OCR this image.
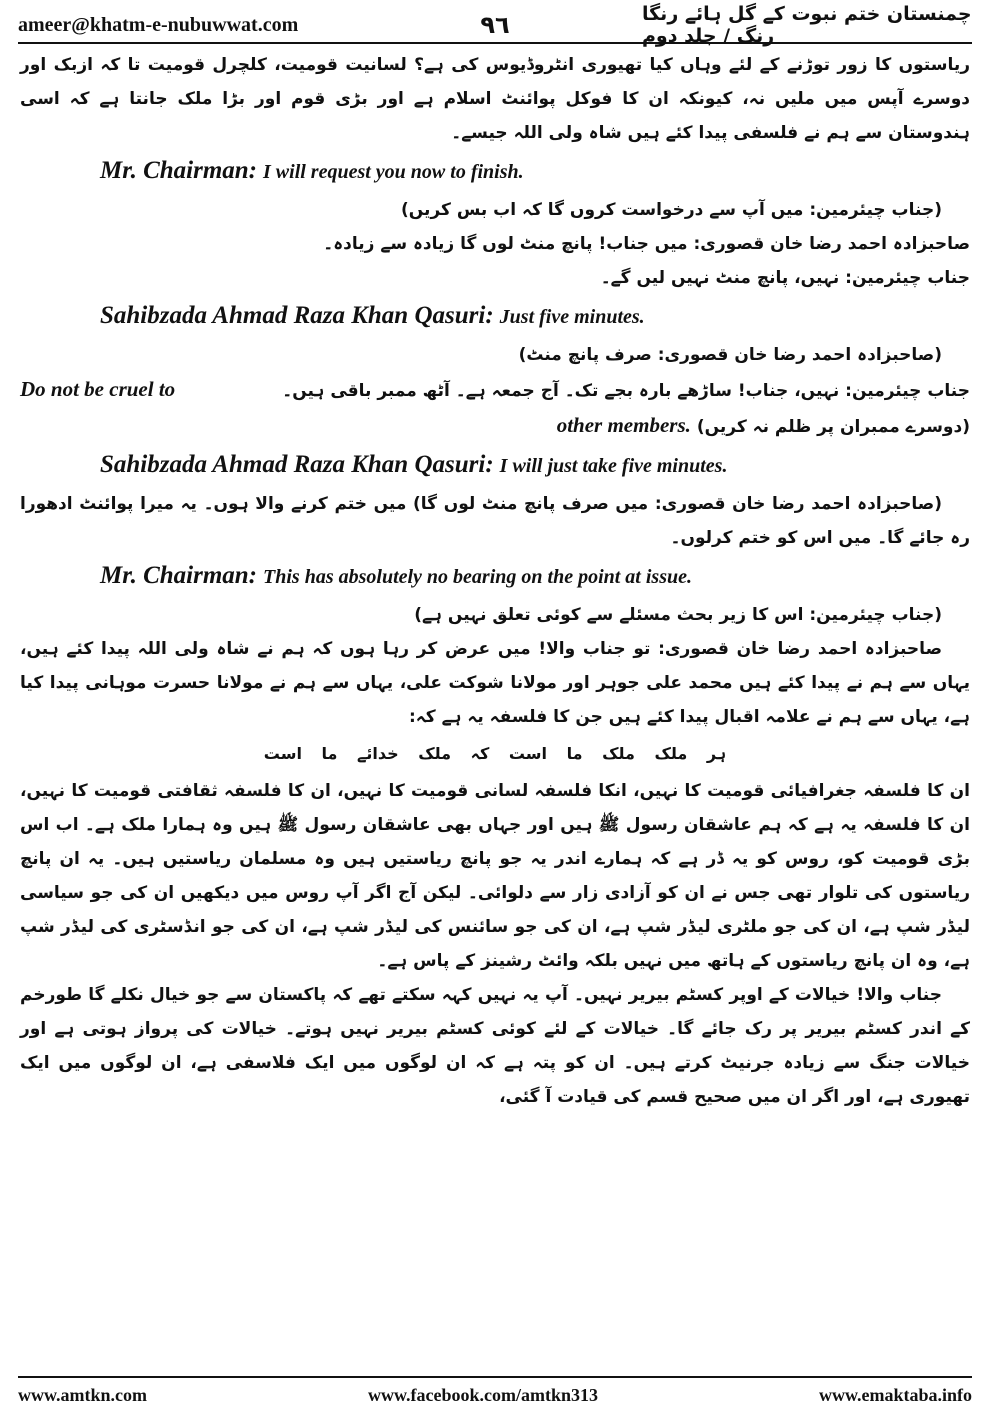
ameer@khatm-e-nubuwwat.com	۹٦	چمنستان ختم نبوت کے گل ہائے رنگا رنگ / جلد دوم

ریاستوں کا زور توڑنے کے لئے وہاں کیا تھیوری انٹروڈیوس کی ہے؟ لسانیت قومیت، کلچرل قومیت تا کہ ازبک اور دوسرے آپس میں ملیں نہ، کیونکہ ان کا فوکل پوائنٹ اسلام ہے اور بڑی قوم اور بڑا ملک جانتا ہے کہ اسی ہندوستان سے ہم نے فلسفی پیدا کئے ہیں شاہ ولی اللہ جیسے۔

Mr. Chairman: I will request you now to finish.

(جناب چیئرمین: میں آپ سے درخواست کروں گا کہ اب بس کریں)

صاحبزادہ احمد رضا خان قصوری: میں جناب! پانچ منٹ لوں گا زیادہ سے زیادہ۔

جناب چیئرمین: نہیں، پانچ منٹ نہیں لیں گے۔

Sahibzada Ahmad Raza Khan Qasuri: Just five minutes.

(صاحبزادہ احمد رضا خان قصوری: صرف پانچ منٹ)

جناب چیئرمین: نہیں، جناب! ساڑھے بارہ بجے تک۔ آج جمعہ ہے۔ آٹھ ممبر باقی ہیں۔
Do not be cruel to
(دوسرے ممبران پر ظلم نہ کریں) other members.

Sahibzada Ahmad Raza Khan Qasuri: I will just take five minutes.

(صاحبزادہ احمد رضا خان قصوری: میں صرف پانچ منٹ لوں گا) میں ختم کرنے والا ہوں۔ یہ میرا پوائنٹ ادھورا رہ جائے گا۔ میں اس کو ختم کرلوں۔

Mr. Chairman: This has absolutely no bearing on the point at issue.

(جناب چیئرمین: اس کا زیر بحث مسئلے سے کوئی تعلق نہیں ہے)

صاحبزادہ احمد رضا خان قصوری: تو جناب والا! میں عرض کر رہا ہوں کہ ہم نے شاہ ولی اللہ پیدا کئے ہیں، یہاں سے ہم نے پیدا کئے ہیں محمد علی جوہر اور مولانا شوکت علی، یہاں سے ہم نے مولانا حسرت موہانی پیدا کیا ہے، یہاں سے ہم نے علامہ اقبال پیدا کئے ہیں جن کا فلسفہ یہ ہے کہ:

ہر ملک ملک ما است کہ ملک خدائے ما است

ان کا فلسفہ جغرافیائی قومیت کا نہیں، انکا فلسفہ لسانی قومیت کا نہیں، ان کا فلسفہ ثقافتی قومیت کا نہیں، ان کا فلسفہ یہ ہے کہ ہم عاشقان رسول ﷺ ہیں اور جہاں بھی عاشقان رسول ﷺ ہیں وہ ہمارا ملک ہے۔ اب اس بڑی قومیت کو، روس کو یہ ڈر ہے کہ ہمارے اندر یہ جو پانچ ریاستیں ہیں وہ مسلمان ریاستیں ہیں۔ یہ ان پانچ ریاستوں کی تلوار تھی جس نے ان کو آزادی زار سے دلوائی۔ لیکن آج اگر آپ روس میں دیکھیں ان کی جو سیاسی لیڈر شپ ہے، ان کی جو ملٹری لیڈر شپ ہے، ان کی جو سائنس کی لیڈر شپ ہے، ان کی جو انڈسٹری کی لیڈر شپ ہے، وہ ان پانچ ریاستوں کے ہاتھ میں نہیں بلکہ وائٹ رشینز کے پاس ہے۔

جناب والا! خیالات کے اوپر کسٹم بیریر نہیں۔ آپ یہ نہیں کہہ سکتے تھے کہ پاکستان سے جو خیال نکلے گا طورخم کے اندر کسٹم بیریر پر رک جائے گا۔ خیالات کے لئے کوئی کسٹم بیریر نہیں ہوتے۔ خیالات کی پرواز ہوتی ہے اور خیالات جنگ سے زیادہ جرنیٹ کرتے ہیں۔ ان کو پتہ ہے کہ ان لوگوں میں ایک فلاسفی ہے، ان لوگوں میں ایک تھیوری ہے، اور اگر ان میں صحیح قسم کی قیادت آ گئی،

www.amtkn.com	www.facebook.com/amtkn313	www.emaktaba.info
